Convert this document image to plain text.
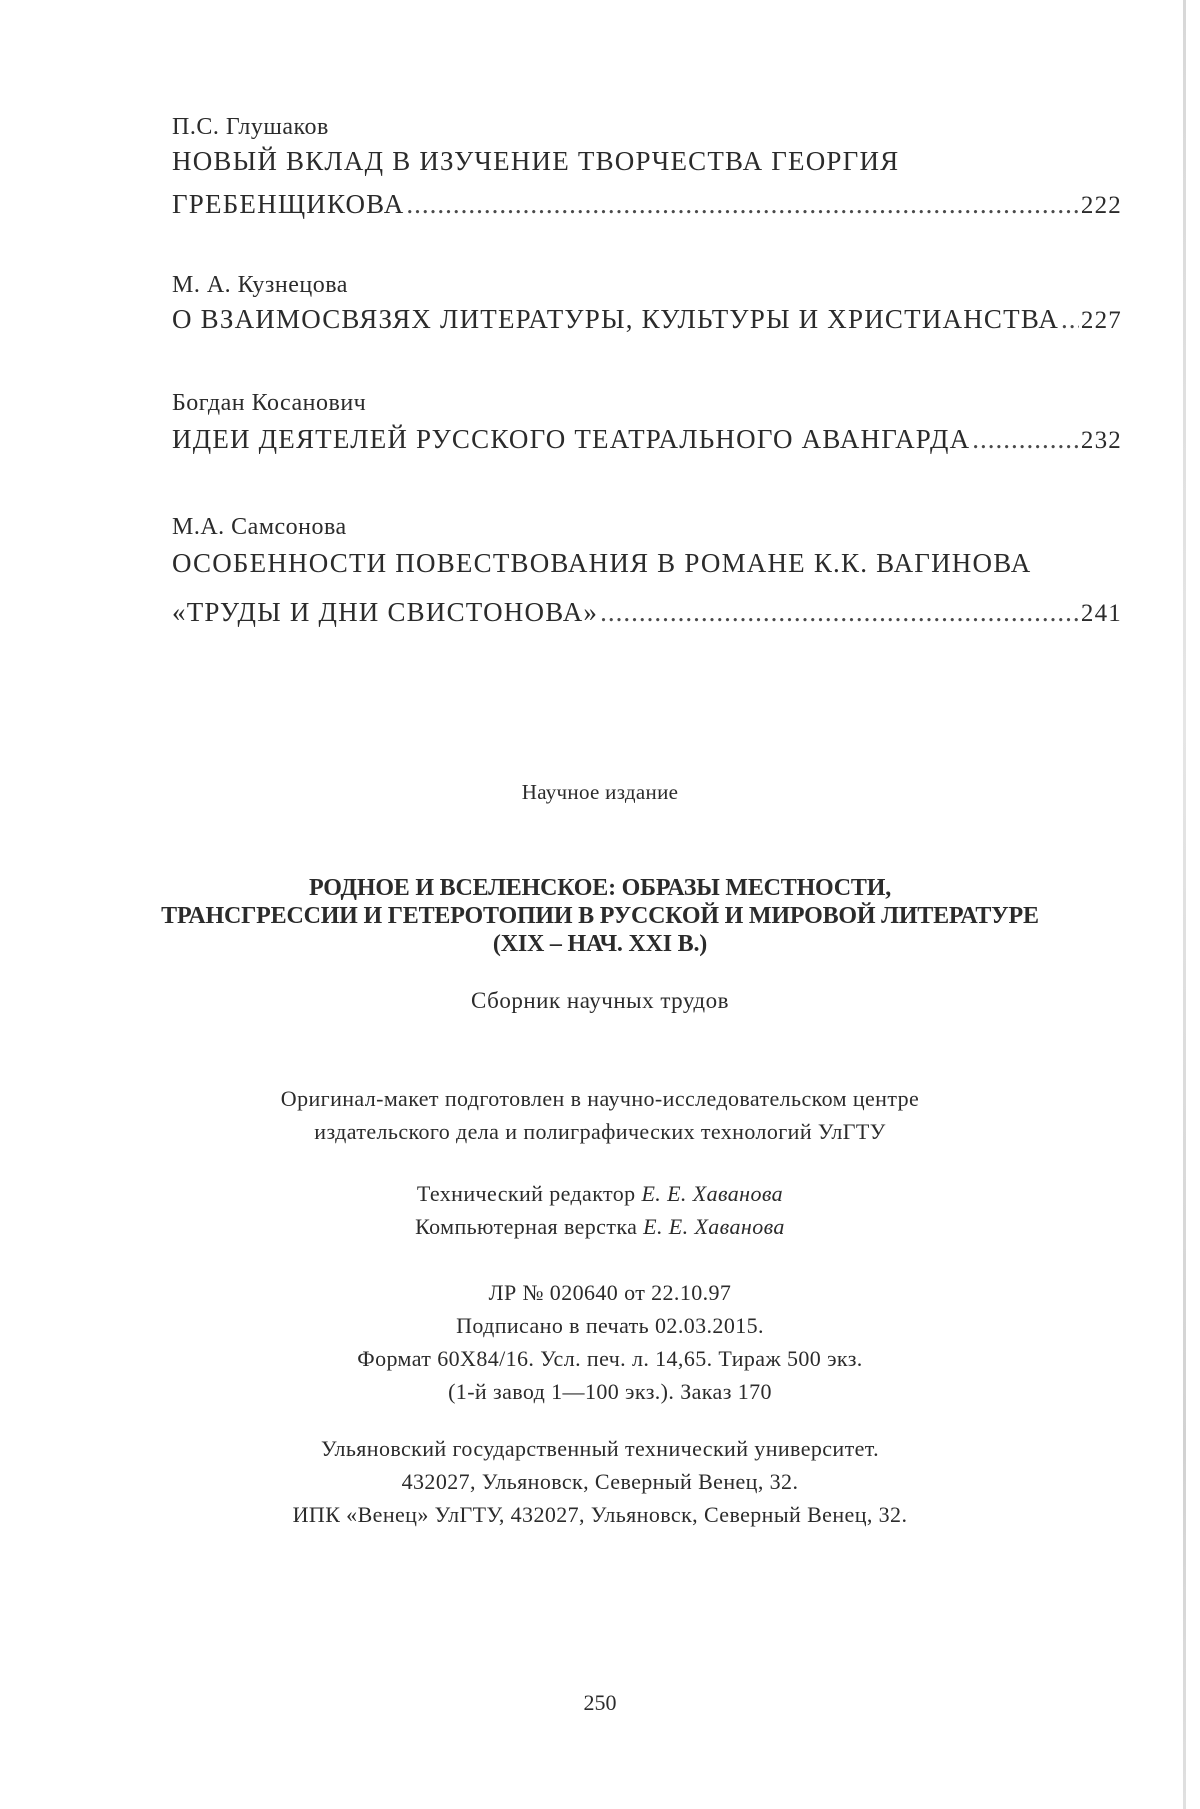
П.С. Глушаков
НОВЫЙ ВКЛАД В ИЗУЧЕНИЕ ТВОРЧЕСТВА ГЕОРГИЯ
ГРЕБЕНЩИКОВА .....	222
М. А. Кузнецова
О ВЗАИМОСВЯЗЯХ ЛИТЕРАТУРЫ, КУЛЬТУРЫ И ХРИСТИАНСТВА ..... 227
Богдан Косанович
ИДЕИ ДЕЯТЕЛЕЙ РУССКОГО ТЕАТРАЛЬНОГО АВАНГАРДА .....	232
М.А. Самсонова
ОСОБЕННОСТИ ПОВЕСТВОВАНИЯ В РОМАНЕ К.К. ВАГИНОВА
«ТРУДЫ И ДНИ СВИСТОНОВА» .....	241
Научное издание
РОДНОЕ И ВСЕЛЕНСКОЕ: ОБРАЗЫ МЕСТНОСТИ,
ТРАНСГРЕССИИ И ГЕТЕРОТОПИИ В РУССКОЙ И МИРОВОЙ ЛИТЕРАТУРЕ
(XIX – НАЧ. XXI В.)
Сборник научных трудов
Оригинал-макет подготовлен в научно-исследовательском центре
издательского дела и полиграфических технологий УлГТУ
Технический редактор Е. Е. Хаванова
Компьютерная верстка Е. Е. Хаванова
ЛР № 020640 от 22.10.97
Подписано в печать 02.03.2015.
Формат 60X84/16. Усл. печ. л. 14,65. Тираж 500 экз.
(1-й завод 1—100 экз.). Заказ 170
Ульяновский государственный технический университет.
432027, Ульяновск, Северный Венец, 32.
ИПК «Венец» УлГТУ, 432027, Ульяновск, Северный Венец, 32.
250
